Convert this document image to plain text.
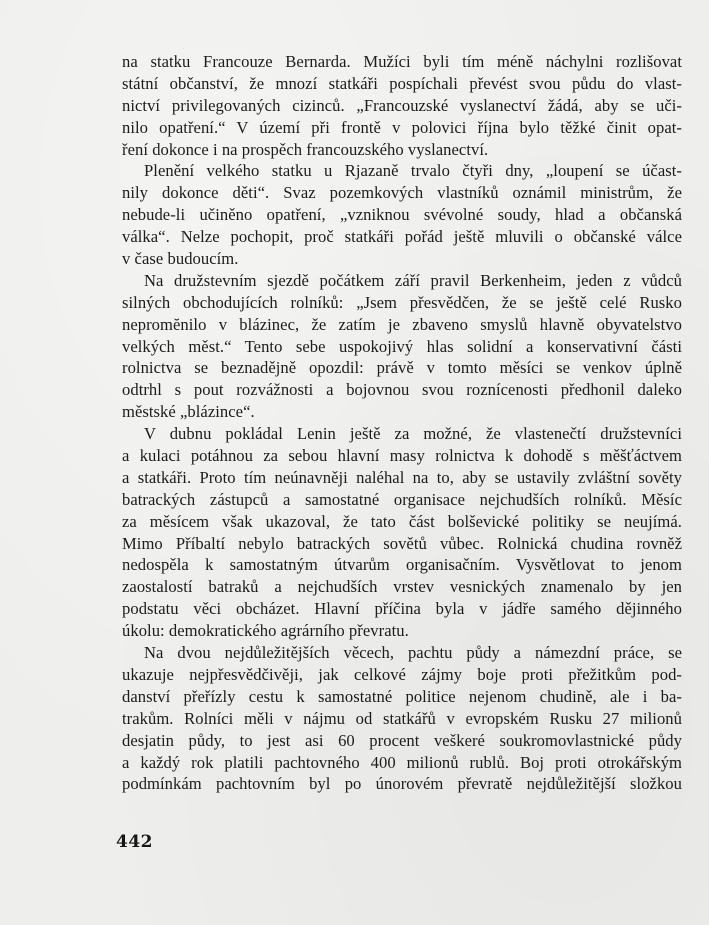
na statku Francouze Bernarda. Mužíci byli tím méně náchylni rozlišovat
státní občanství, že mnozí statkáři pospíchali převést svou půdu do vlast-
nictví privilegovaných cizinců. „Francouzské vyslanectví žádá, aby se uči-
nilo opatření.“ V území při frontě v polovici října bylo těžké činit opat-
ření dokonce i na prospěch francouzského vyslanectví.
Plenění velkého statku u Rjazaně trvalo čtyři dny, „loupení se účast-
nily dokonce děti“. Svaz pozemkových vlastníků oznámil ministrům, že
nebude-li učiněno opatření, „vzniknou svévolné soudy, hlad a občanská
válka“. Nelze pochopit, proč statkáři pořád ještě mluvili o občanské válce
v čase budoucím.
Na družstevním sjezdě počátkem září pravil Berkenheim, jeden z vůdců
silných obchodujících rolníků: „Jsem přesvědčen, že se ještě celé Rusko
nepromĕnilo v blázinec, že zatím je zbaveno smyslů hlavně obyvatelstvo
velkých měst.“ Tento sebe uspokojivý hlas solidní a konservativní části
rolnictva se beznadějně opozdil: právě v tomto měsíci se venkov úplně
odtrhl s pout rozvážnosti a bojovnou svou roznícenosti předhonil daleko
městské „blázince“.
V dubnu pokládal Lenin ještě za možné, že vlastenečtí družstevníci
a kulaci potáhnou za sebou hlavní masy rolnictva k dohodě s měšťáctvem
a statkáři. Proto tím neúnavněji naléhal na to, aby se ustavily zvláštní sověty
batrackých zástupců a samostatné organisace nejchudších rolníků. Měsíc
za měsícem však ukazoval, že tato část bolševické politiky se neujímá.
Mimo Příbaltí nebylo batrackých sovětů vůbec. Rolnická chudina rovněž
nedospěla k samostatným útvarům organisačním. Vysvětlovat to jenom
zaostalostí batraků a nejchudších vrstev vesnických znamenalo by jen
podstatu věci obcházet. Hlavní příčina byla v jádře samého dějinného
úkolu: demokratického agrárního převratu.
Na dvou nejdůležitějších věcech, pachtu půdy a námezdní práce, se
ukazuje nejpřesvědčivěji, jak celkové zájmy boje proti přežitkům pod-
danství přeřízly cestu k samostatné politice nejenom chudině, ale i ba-
trakům. Rolníci měli v nájmu od statkářů v evropském Rusku 27 milionů
desjatin půdy, to jest asi 60 procent veškeré soukromovlastnické půdy
a každý rok platili pachtovného 400 milionů rublů. Boj proti otrokářským
podmínkám pachtovním byl po únorovém převratě nejdůležitější složkou
442
